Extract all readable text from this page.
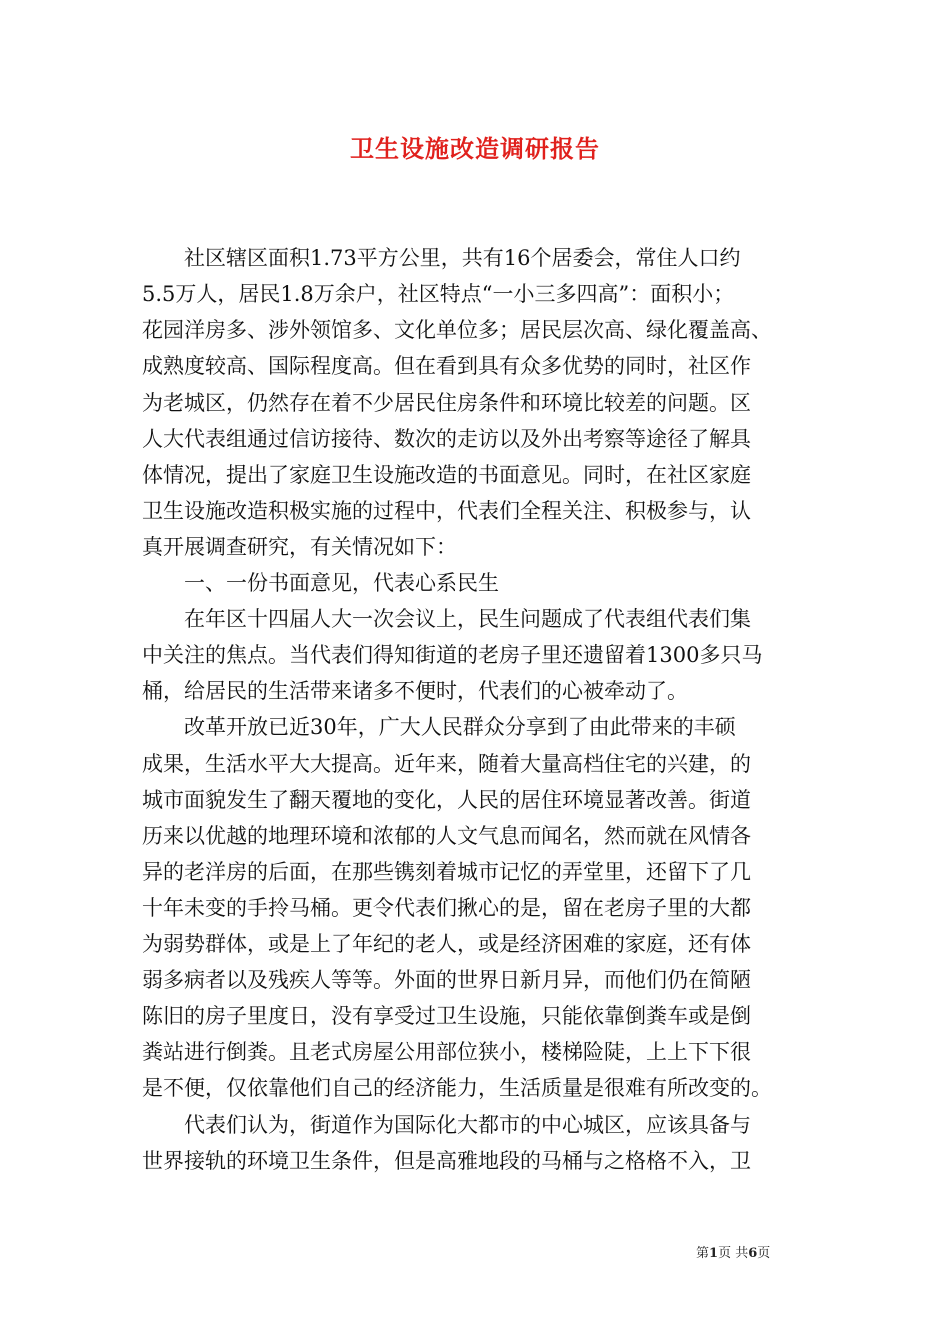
卫生设施改造调研报告

　　社区辖区面积1.73平方公里，共有16个居委会，常住人口约

5.5万人，居民1.8万余户，社区特点“一小三多四高”：面积小；

花园洋房多、涉外领馆多、文化单位多；居民层次高、绿化覆盖高、

成熟度较高、国际程度高。但在看到具有众多优势的同时，社区作

为老城区，仍然存在着不少居民住房条件和环境比较差的问题。区

人大代表组通过信访接待、数次的走访以及外出考察等途径了解具

体情况，提出了家庭卫生设施改造的书面意见。同时，在社区家庭

卫生设施改造积极实施的过程中，代表们全程关注、积极参与，认

真开展调查研究，有关情况如下：

　　一、一份书面意见，代表心系民生

　　在年区十四届人大一次会议上，民生问题成了代表组代表们集

中关注的焦点。当代表们得知街道的老房子里还遗留着1300多只马

桶，给居民的生活带来诸多不便时，代表们的心被牵动了。

　　改革开放已近30年，广大人民群众分享到了由此带来的丰硕

成果，生活水平大大提高。近年来，随着大量高档住宅的兴建，的

城市面貌发生了翻天覆地的变化，人民的居住环境显著改善。街道

历来以优越的地理环境和浓郁的人文气息而闻名，然而就在风情各

异的老洋房的后面，在那些镌刻着城市记忆的弄堂里，还留下了几

十年未变的手拎马桶。更令代表们揪心的是，留在老房子里的大都

为弱势群体，或是上了年纪的老人，或是经济困难的家庭，还有体

弱多病者以及残疾人等等。外面的世界日新月异，而他们仍在简陋

陈旧的房子里度日，没有享受过卫生设施，只能依靠倒粪车或是倒

粪站进行倒粪。且老式房屋公用部位狭小，楼梯险陡，上上下下很

是不便，仅依靠他们自己的经济能力，生活质量是很难有所改变的。

　　代表们认为，街道作为国际化大都市的中心城区，应该具备与

世界接轨的环境卫生条件，但是高雅地段的马桶与之格格不入，卫

第1页 共6页
